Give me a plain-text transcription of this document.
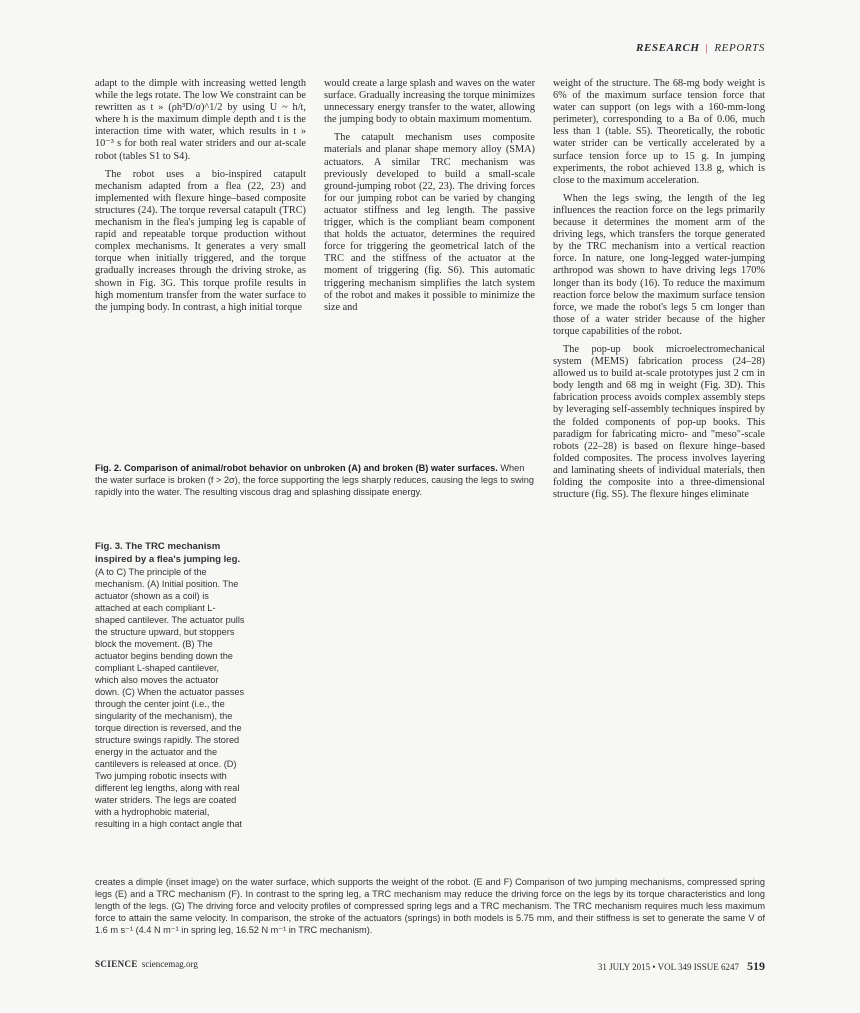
RESEARCH | REPORTS

adapt to the dimple with increasing wetted length while the legs rotate. The low We constraint can be rewritten as t » (ρh³D/σ)^1/2 by using U ~ h/t, where h is the maximum dimple depth and t is the interaction time with water, which results in t » 10⁻³ s for both real water striders and our at-scale robot (tables S1 to S4).

The robot uses a bio-inspired catapult mechanism adapted from a flea (22, 23) and implemented with flexure hinge–based composite structures (24). The torque reversal catapult (TRC) mechanism in the flea's jumping leg is capable of rapid and repeatable torque production without complex mechanisms. It generates a very small torque when initially triggered, and the torque gradually increases through the driving stroke, as shown in Fig. 3G. This torque profile results in high momentum transfer from the water surface to the jumping body. In contrast, a high initial torque

would create a large splash and waves on the water surface. Gradually increasing the torque minimizes unnecessary energy transfer to the water, allowing the jumping body to obtain maximum momentum.

The catapult mechanism uses composite materials and planar shape memory alloy (SMA) actuators. A similar TRC mechanism was previously developed to build a small-scale ground-jumping robot (22, 23). The driving forces for our jumping robot can be varied by changing actuator stiffness and leg length. The passive trigger, which is the compliant beam component that holds the actuator, determines the required force for triggering the geometrical latch of the TRC and the stiffness of the actuator at the moment of triggering (fig. S6). This automatic triggering mechanism simplifies the latch system of the robot and makes it possible to minimize the size and

weight of the structure. The 68-mg body weight is 6% of the maximum surface tension force that water can support (on legs with a 160-mm-long perimeter), corresponding to a Ba of 0.06, much less than 1 (table. S5). Theoretically, the robotic water strider can be vertically accelerated by a surface tension force up to 15 g. In jumping experiments, the robot achieved 13.8 g, which is close to the maximum acceleration.

When the legs swing, the length of the leg influences the reaction force on the legs primarily because it determines the moment arm of the driving legs, which transfers the torque generated by the TRC mechanism into a vertical reaction force. In nature, one long-legged water-jumping arthropod was shown to have driving legs 170% longer than its body (16). To reduce the maximum reaction force below the maximum surface tension force, we made the robot's legs 5 cm longer than those of a water strider because of the higher torque capabilities of the robot.

The pop-up book microelectromechanical system (MEMS) fabrication process (24–28) allowed us to build at-scale prototypes just 2 cm in body length and 68 mg in weight (Fig. 3D). This fabrication process avoids complex assembly steps by leveraging self-assembly techniques inspired by the folded components of pop-up books. This paradigm for fabricating micro- and "meso"-scale robots (22–28) is based on flexure hinge–based folded composites. The process involves layering and laminating sheets of individual materials, then folding the composite into a three-dimensional structure (fig. S5). The flexure hinges eliminate

Fig. 2. Comparison of animal/robot behavior on unbroken (A) and broken (B) water surfaces. When the water surface is broken (f > 2σ), the force supporting the legs sharply reduces, causing the legs to swing rapidly into the water. The resulting viscous drag and splashing dissipate energy.
Fig. 3. The TRC mechanism inspired by a flea's jumping leg. (A to C) The principle of the mechanism. (A) Initial position. The actuator (shown as a coil) is attached at each compliant L-shaped cantilever. The actuator pulls the structure upward, but stoppers block the movement. (B) The actuator begins bending down the compliant L-shaped cantilever, which also moves the actuator down. (C) When the actuator passes through the center joint (i.e., the singularity of the mechanism), the torque direction is reversed, and the structure swings rapidly. The stored energy in the actuator and the cantilevers is released at once. (D) Two jumping robotic insects with different leg lengths, along with real water striders. The legs are coated with a hydrophobic material, resulting in a high contact angle that
creates a dimple (inset image) on the water surface, which supports the weight of the robot. (E and F) Comparison of two jumping mechanisms, compressed spring legs (E) and a TRC mechanism (F). In contrast to the spring leg, a TRC mechanism may reduce the driving force on the legs by its torque characteristics and long length of the legs. (G) The driving force and velocity profiles of compressed spring legs and a TRC mechanism. The TRC mechanism requires much less maximum force to attain the same velocity. In comparison, the stroke of the actuators (springs) in both models is 5.75 mm, and their stiffness is set to generate the same V of 1.6 m s⁻¹ (4.4 N m⁻¹ in spring leg, 16.52 N m⁻¹ in TRC mechanism).
SCIENCE sciencemag.org	31 JULY 2015 • VOL 349 ISSUE 6247 519
